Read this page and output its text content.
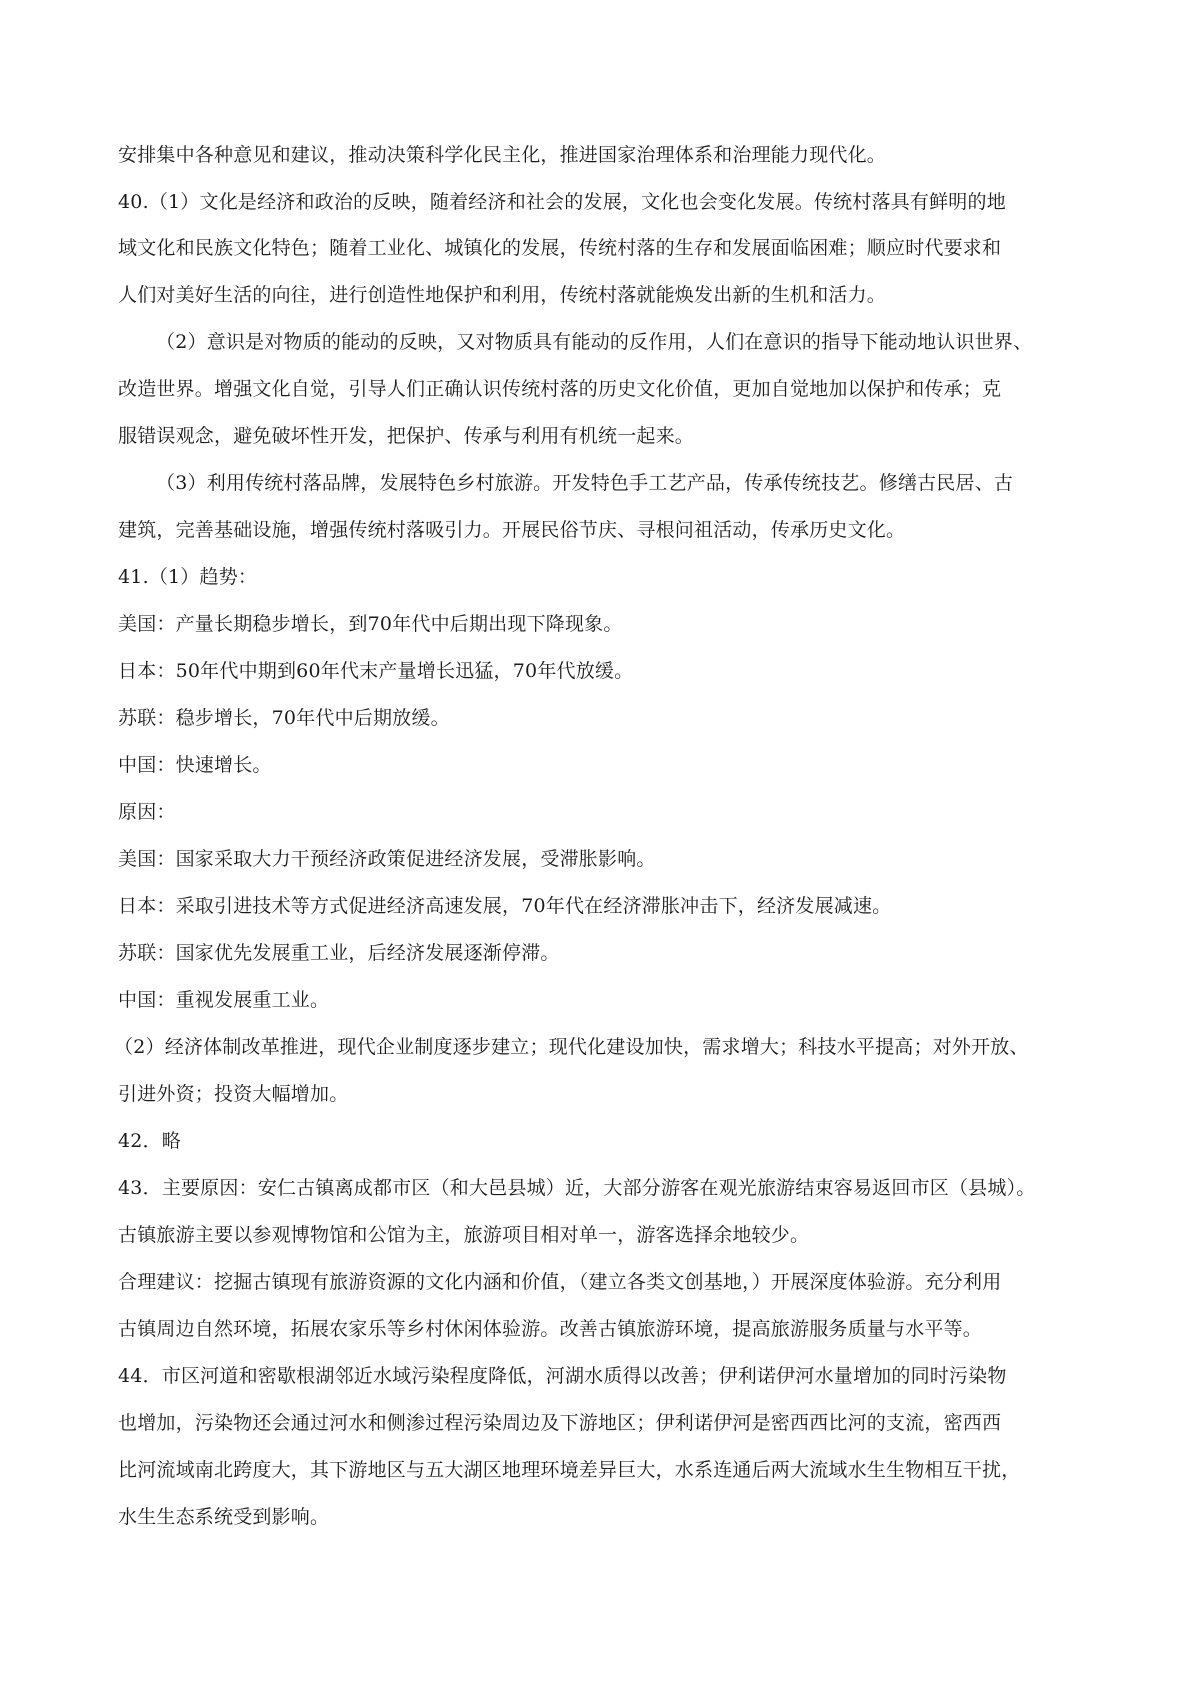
安排集中各种意见和建议，推动决策科学化民主化，推进国家治理体系和治理能力现代化。
40.（1）文化是经济和政治的反映，随着经济和社会的发展，文化也会变化发展。传统村落具有鲜明的地
域文化和民族文化特色；随着工业化、城镇化的发展，传统村落的生存和发展面临困难；顺应时代要求和
人们对美好生活的向往，进行创造性地保护和利用，传统村落就能焕发出新的生机和活力。
（2）意识是对物质的能动的反映，又对物质具有能动的反作用，人们在意识的指导下能动地认识世界、
改造世界。增强文化自觉，引导人们正确认识传统村落的历史文化价值，更加自觉地加以保护和传承；克
服错误观念，避免破坏性开发，把保护、传承与利用有机统一起来。
（3）利用传统村落品牌，发展特色乡村旅游。开发特色手工艺产品，传承传统技艺。修缮古民居、古
建筑，完善基础设施，增强传统村落吸引力。开展民俗节庆、寻根问祖活动，传承历史文化。
41.（1）趋势：
美国：产量长期稳步增长，到70年代中后期出现下降现象。
日本：50年代中期到60年代末产量增长迅猛，70年代放缓。
苏联：稳步增长，70年代中后期放缓。
中国：快速增长。
原因：
美国：国家采取大力干预经济政策促进经济发展，受滞胀影响。
日本：采取引进技术等方式促进经济高速发展，70年代在经济滞胀冲击下，经济发展减速。
苏联：国家优先发展重工业，后经济发展逐渐停滞。
中国：重视发展重工业。
（2）经济体制改革推进，现代企业制度逐步建立；现代化建设加快，需求增大；科技水平提高；对外开放、
引进外资；投资大幅增加。
42．略
43．主要原因：安仁古镇离成都市区（和大邑县城）近，大部分游客在观光旅游结束容易返回市区（县城）。
古镇旅游主要以参观博物馆和公馆为主，旅游项目相对单一，游客选择余地较少。
合理建议：挖掘古镇现有旅游资源的文化内涵和价值，（建立各类文创基地，）开展深度体验游。充分利用
古镇周边自然环境，拓展农家乐等乡村休闲体验游。改善古镇旅游环境，提高旅游服务质量与水平等。
44．市区河道和密歇根湖邻近水域污染程度降低，河湖水质得以改善；伊利诺伊河水量增加的同时污染物
也增加，污染物还会通过河水和侧渗过程污染周边及下游地区；伊利诺伊河是密西西比河的支流，密西西
比河流域南北跨度大，其下游地区与五大湖区地理环境差异巨大，水系连通后两大流域水生生物相互干扰，
水生生态系统受到影响。
